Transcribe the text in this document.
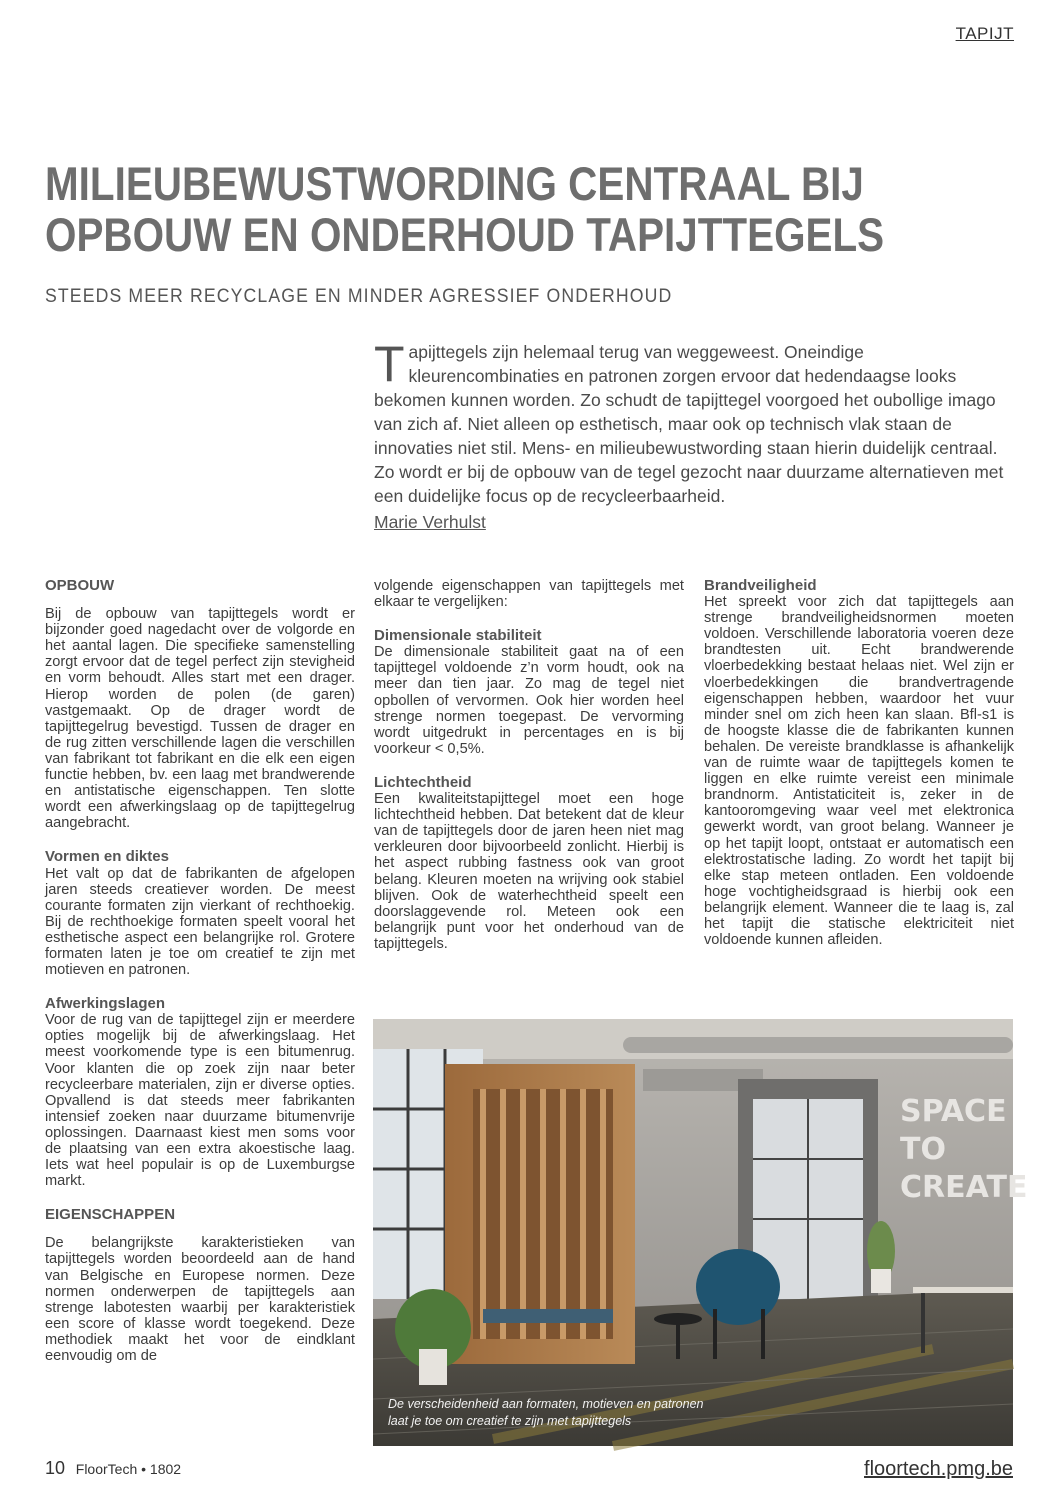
TAPIJT
MILIEUBEWUSTWORDING CENTRAAL BIJ
OPBOUW EN ONDERHOUD TAPIJTTEGELS
STEEDS MEER RECYCLAGE EN MINDER AGRESSIEF ONDERHOUD
Tapijttegels zijn helemaal terug van weggeweest. Oneindige kleurencombinaties en patronen zorgen ervoor dat hedendaagse looks bekomen kunnen worden. Zo schudt de tapijttegel voorgoed het oubollige imago van zich af. Niet alleen op esthetisch, maar ook op technisch vlak staan de innovaties niet stil. Mens- en milieubewustwording staan hierin duidelijk centraal. Zo wordt er bij de opbouw van de tegel gezocht naar duurzame alternatieven met een duidelijke focus op de recycleerbaarheid.
Marie Verhulst
OPBOUW

Bij de opbouw van tapijttegels wordt er bijzonder goed nagedacht over de volgorde en het aantal lagen. Die specifieke samenstelling zorgt ervoor dat de tegel perfect zijn stevigheid en vorm behoudt. Alles start met een drager. Hierop worden de polen (de garen) vastgemaakt. Op de drager wordt de tapijttegelrug bevestigd. Tussen de drager en de rug zitten verschillende lagen die verschillen van fabrikant tot fabrikant en die elk een eigen functie hebben, bv. een laag met brandwerende en antistatische eigenschappen. Ten slotte wordt een afwerkingslaag op de tapijttegelrug aangebracht.

Vormen en diktes

Het valt op dat de fabrikanten de afgelopen jaren steeds creatiever worden. De meest courante formaten zijn vierkant of rechthoekig. Bij de rechthoekige formaten speelt vooral het esthetische aspect een belangrijke rol. Grotere formaten laten je toe om creatief te zijn met motieven en patronen.

Afwerkingslagen

Voor de rug van de tapijttegel zijn er meerdere opties mogelijk bij de afwerkingslaag. Het meest voorkomende type is een bitumenrug. Voor klanten die op zoek zijn naar beter recycleerbare materialen, zijn er diverse opties. Opvallend is dat steeds meer fabrikanten intensief zoeken naar duurzame bitumenvrije oplossingen. Daarnaast kiest men soms voor de plaatsing van een extra akoestische laag. Iets wat heel populair is op de Luxemburgse markt.

EIGENSCHAPPEN

De belangrijkste karakteristieken van tapijttegels worden beoordeeld aan de hand van Belgische en Europese normen. Deze normen onderwerpen de tapijttegels aan strenge labotesten waarbij per karakteristiek een score of klasse wordt toegekend. Deze methodiek maakt het voor de eindklant eenvoudig om de

volgende eigenschappen van tapijttegels met elkaar te vergelijken:

Dimensionale stabiliteit

De dimensionale stabiliteit gaat na of een tapijttegel voldoende z’n vorm houdt, ook na meer dan tien jaar. Zo mag de tegel niet opbollen of vervormen. Ook hier worden heel strenge normen toegepast. De vervorming wordt uitgedrukt in percentages en is bij voorkeur < 0,5%.

Lichtechtheid

Een kwaliteitstapijttegel moet een hoge lichtechtheid hebben. Dat betekent dat de kleur van de tapijttegels door de jaren heen niet mag verkleuren door bijvoorbeeld zonlicht. Hierbij is het aspect rubbing fastness ook van groot belang. Kleuren moeten na wrijving ook stabiel blijven. Ook de waterhechtheid speelt een doorslaggevende rol. Meteen ook een belangrijk punt voor het onderhoud van de tapijttegels.

Brandveiligheid

Het spreekt voor zich dat tapijttegels aan strenge brandveiligheidsnormen moeten voldoen. Verschillende laboratoria voeren deze brandtesten uit. Echt brandwerende vloerbedekking bestaat helaas niet. Wel zijn er vloerbedekkingen die brandvertragende eigenschappen hebben, waardoor het vuur minder snel om zich heen kan slaan. Bfl-s1 is de hoogste klasse die de fabrikanten kunnen behalen. De vereiste brandklasse is afhankelijk van de ruimte waar de tapijttegels komen te liggen en elke ruimte vereist een minimale brandnorm. Antistaticiteit is, zeker in de kantooromgeving waar veel met elektronica gewerkt wordt, van groot belang. Wanneer je op het tapijt loopt, ontstaat er automatisch een elektrostatische lading. Zo wordt het tapijt bij elke stap meteen ontladen. Een voldoende hoge vochtigheidsgraad is hierbij ook een belangrijk element. Wanneer die te laag is, zal het tapijt die statische elektriciteit niet voldoende kunnen afleiden.

SPACE
TO
CREATE
De verscheidenheid aan formaten, motieven en patronen laat je toe om creatief te zijn met tapijttegels
10 FloorTech • 1802	floortech.pmg.be
